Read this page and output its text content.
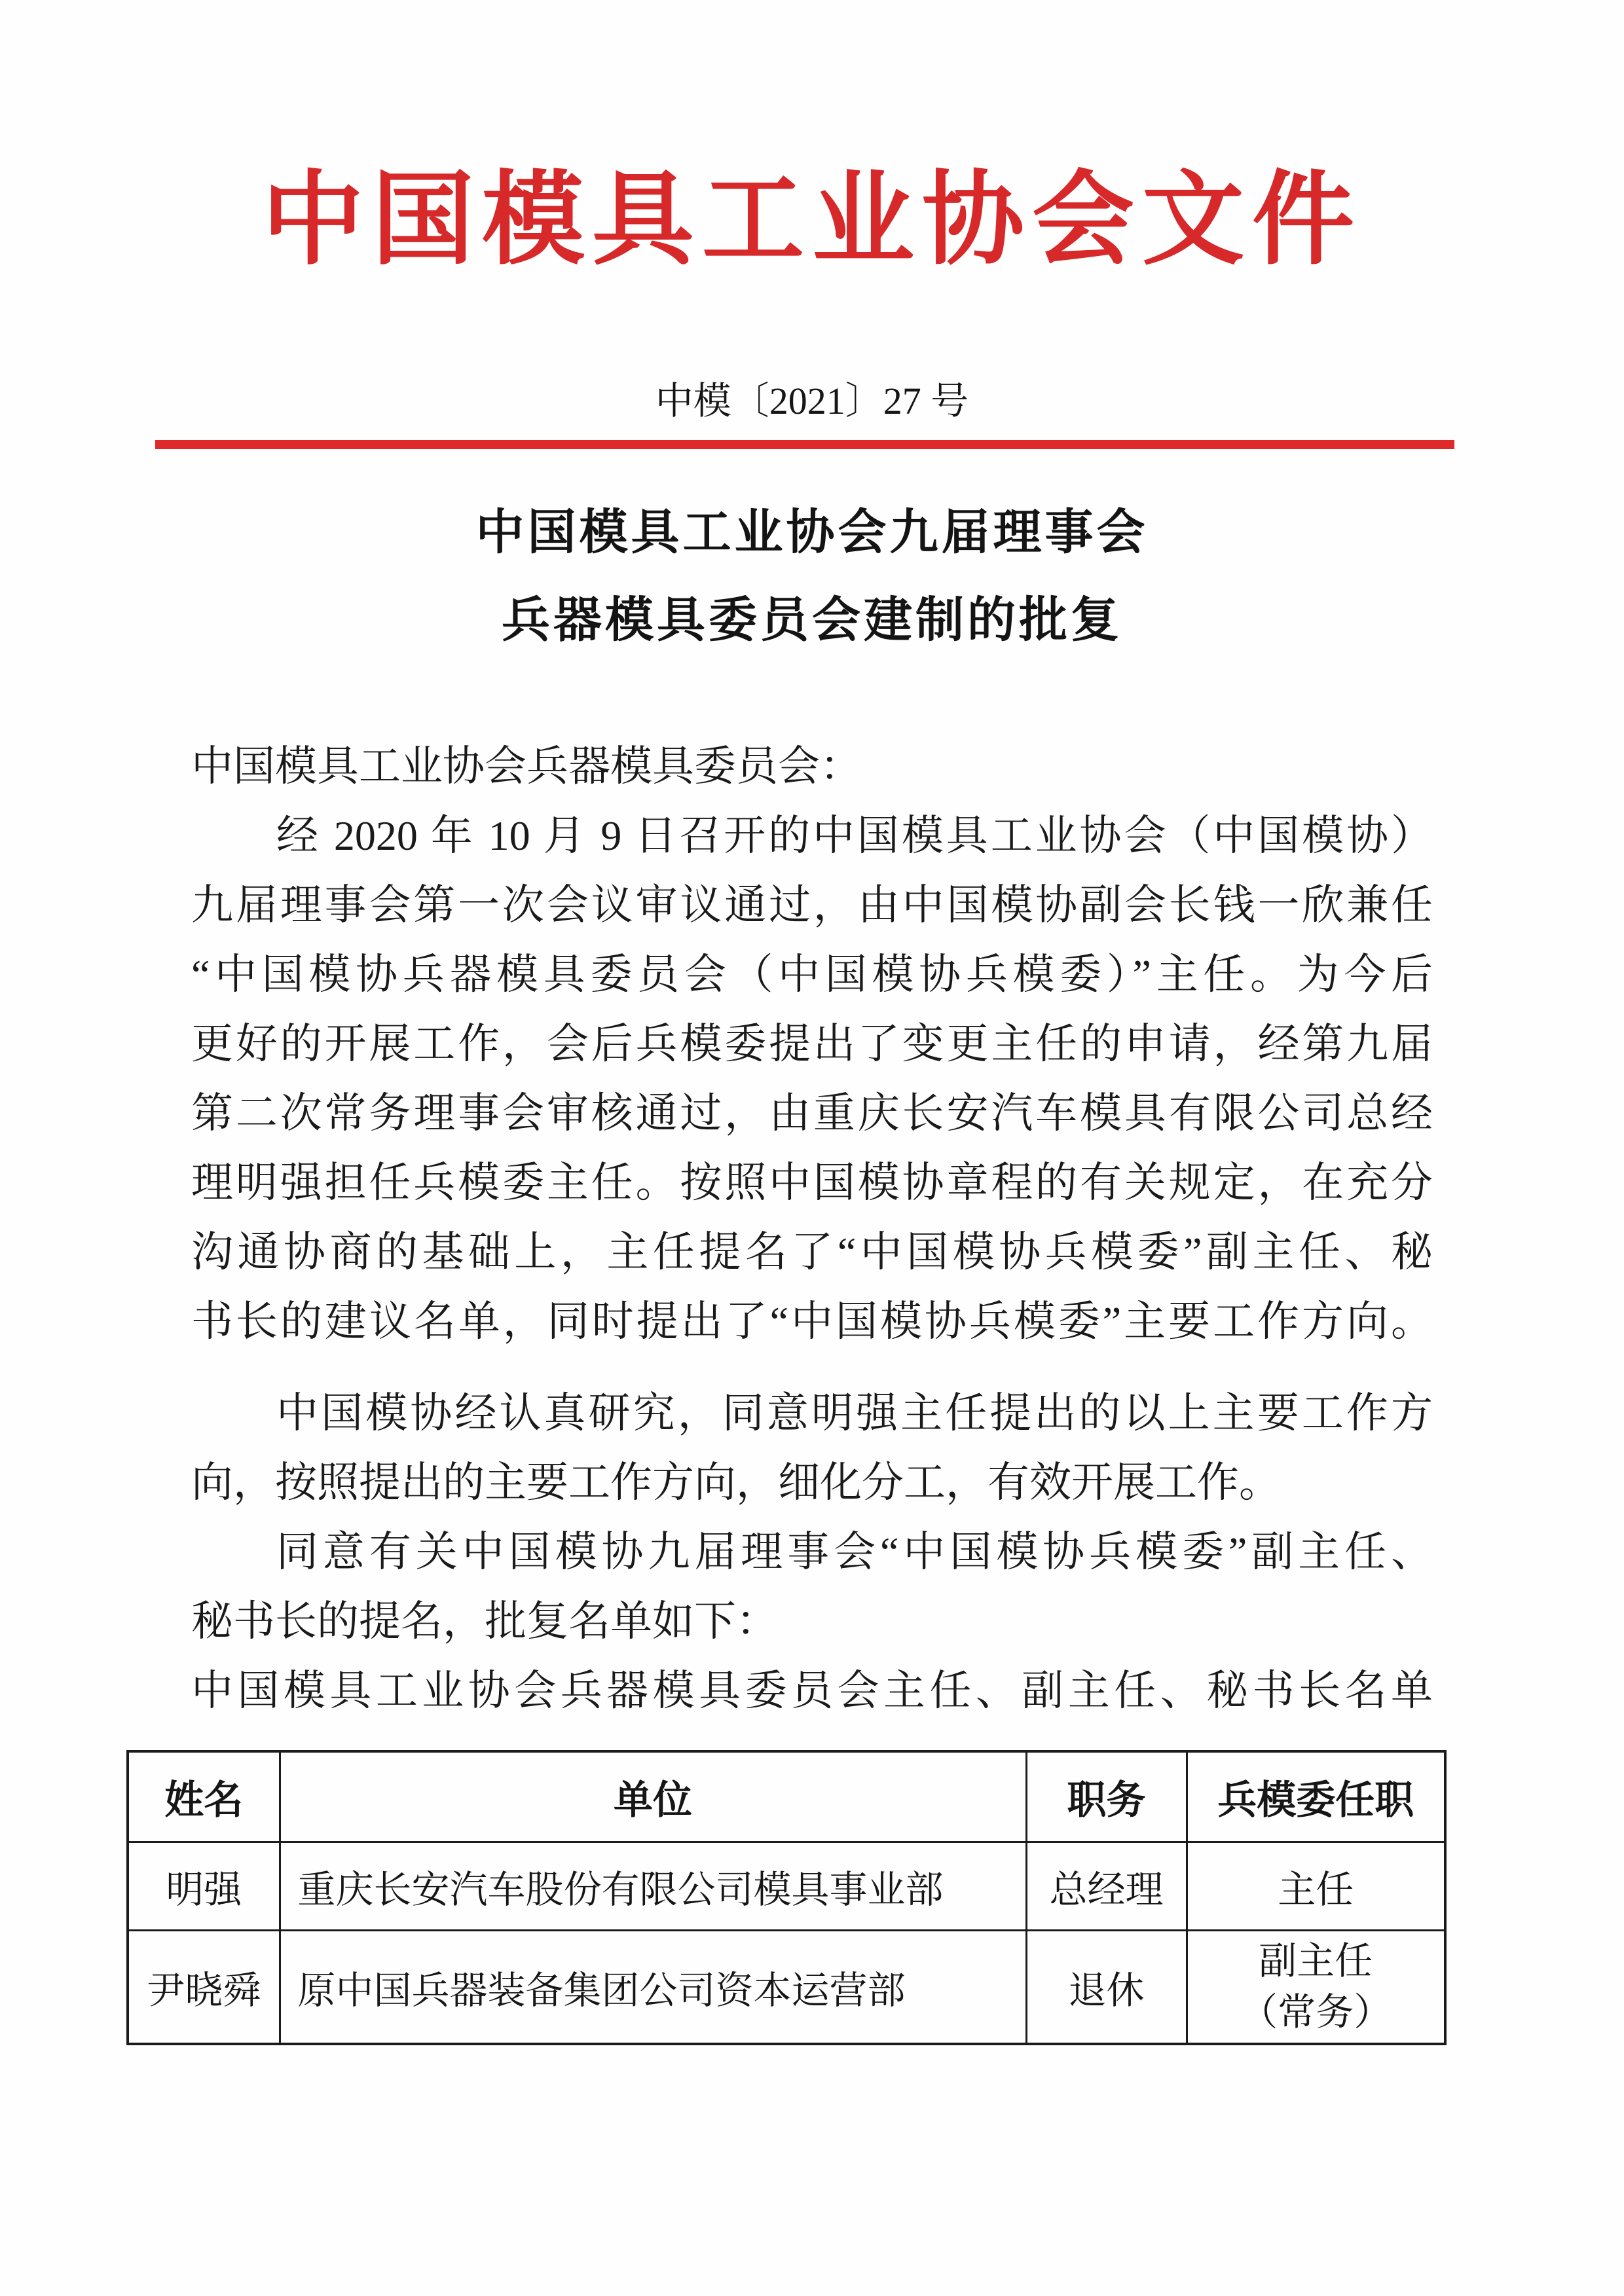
中国模具工业协会文件
中模〔2021〕27 号
中国模具工业协会九届理事会
兵器模具委员会建制的批复
中国模具工业协会兵器模具委员会：
经 2020 年 10 月 9 日召开的中国模具工业协会（中国模协）
九届理事会第一次会议审议通过，由中国模协副会长钱一欣兼任
“中国模协兵器模具委员会（中国模协兵模委）”主任。为今后
更好的开展工作，会后兵模委提出了变更主任的申请，经第九届
第二次常务理事会审核通过，由重庆长安汽车模具有限公司总经
理明强担任兵模委主任。按照中国模协章程的有关规定，在充分
沟通协商的基础上，主任提名了“中国模协兵模委”副主任、秘
书长的建议名单，同时提出了“中国模协兵模委”主要工作方向。
中国模协经认真研究，同意明强主任提出的以上主要工作方
向，按照提出的主要工作方向，细化分工，有效开展工作。
同意有关中国模协九届理事会“中国模协兵模委”副主任、
秘书长的提名，批复名单如下：
中国模具工业协会兵器模具委员会主任、副主任、秘书长名单
姓名	单位	职务	兵模委任职
明强	重庆长安汽车股份有限公司模具事业部	总经理	主任
尹晓舜	原中国兵器装备集团公司资本运营部	退休	副主任
（常务）
